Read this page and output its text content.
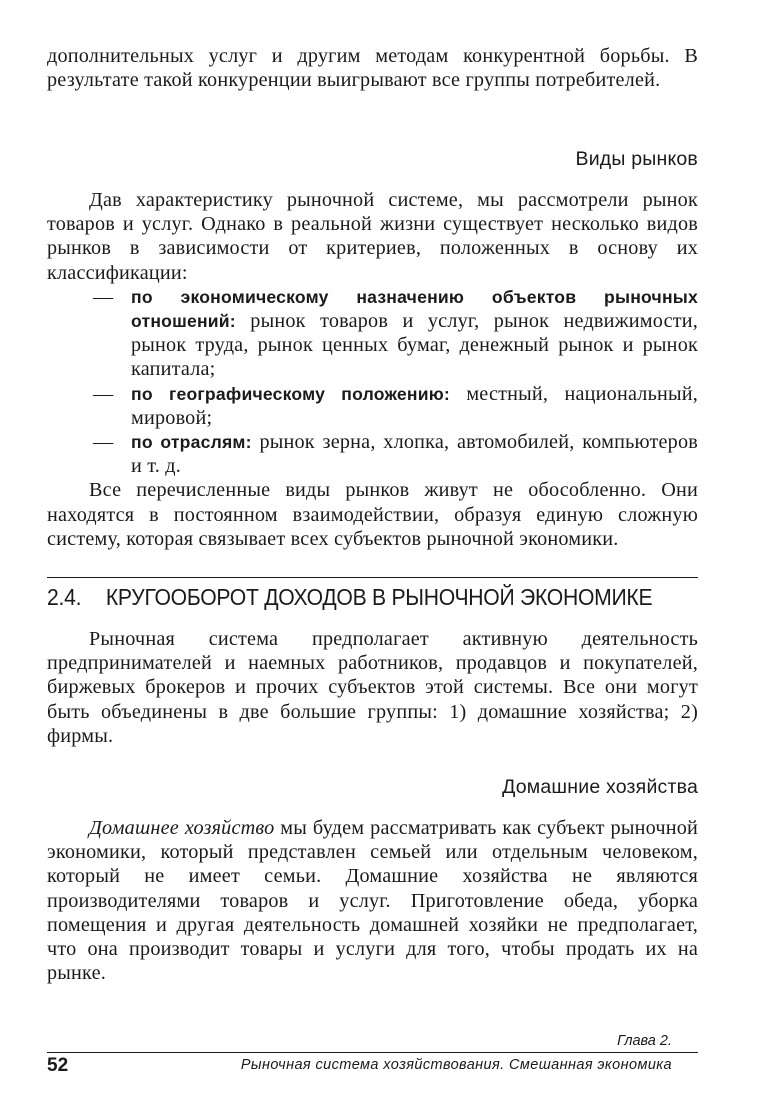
дополнительных услуг и другим методам конкурентной борьбы. В результате такой конкуренции выигрывают все группы потребителей.

Виды рынков

Дав характеристику рыночной системе, мы рассмотрели рынок товаров и услуг. Однако в реальной жизни существует несколько видов рынков в зависимости от критериев, положенных в основу их классификации:

— по экономическому назначению объектов рыночных отношений: рынок товаров и услуг, рынок недвижимости, рынок труда, рынок ценных бумаг, денежный рынок и рынок капитала;
— по географическому положению: местный, национальный, мировой;
— по отраслям: рынок зерна, хлопка, автомобилей, компьютеров и т. д.

Все перечисленные виды рынков живут не обособленно. Они находятся в постоянном взаимодействии, образуя единую сложную систему, которая связывает всех субъектов рыночной экономики.

2.4. КРУГООБОРОТ ДОХОДОВ В РЫНОЧНОЙ ЭКОНОМИКЕ

Рыночная система предполагает активную деятельность предпринимателей и наемных работников, продавцов и покупателей, биржевых брокеров и прочих субъектов этой системы. Все они могут быть объединены в две большие группы: 1) домашние хозяйства; 2) фирмы.

Домашние хозяйства

Домашнее хозяйство мы будем рассматривать как субъект рыночной экономики, который представлен семьей или отдельным человеком, который не имеет семьи. Домашние хозяйства не являются производителями товаров и услуг. Приготовление обеда, уборка помещения и другая деятельность домашней хозяйки не предполагает, что она производит товары и услуги для того, чтобы продать их на рынке.

Глава 2.
52	Рыночная система хозяйствования. Смешанная экономика
